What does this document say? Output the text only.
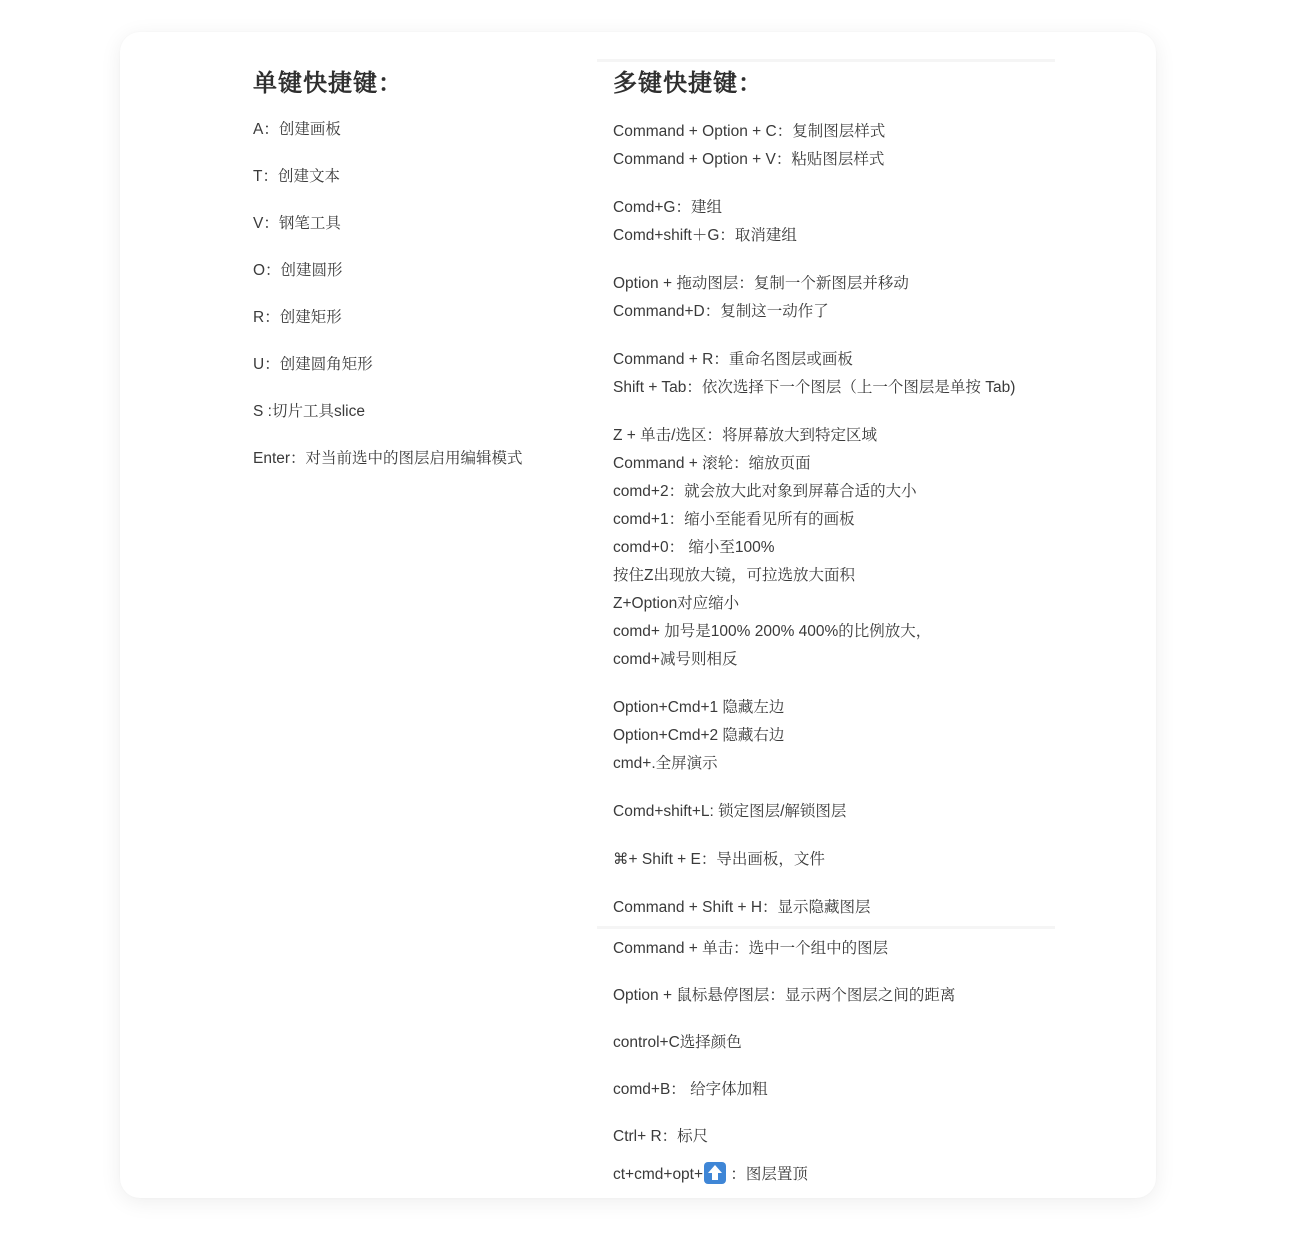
单键快捷键：
A：创建画板
T：创建文本
V：钢笔工具
O：创建圆形
R：创建矩形
U：创建圆角矩形
S :切片工具slice
Enter：对当前选中的图层启用编辑模式
多键快捷键：
Command + Option + C：复制图层样式
Command + Option + V：粘贴图层样式
Comd+G：建组
Comd+shift＋G：取消建组
Option + 拖动图层：复制一个新图层并移动
Command+D：复制这一动作了
Command + R：重命名图层或画板
Shift + Tab：依次选择下一个图层（上一个图层是单按 Tab)
Z + 单击/选区：将屏幕放大到特定区域
Command + 滚轮：缩放页面
comd+2：就会放大此对象到屏幕合适的大小
comd+1：缩小至能看见所有的画板
comd+0： 缩小至100%
按住Z出现放大镜，可拉选放大面积
Z+Option对应缩小
comd+ 加号是100% 200% 400%的比例放大，
comd+减号则相反
Option+Cmd+1 隐藏左边
Option+Cmd+2 隐藏右边
cmd+.全屏演示
Comd+shift+L: 锁定图层/解锁图层
⌘+ Shift + E：导出画板，文件
Command + Shift + H：显示隐藏图层
Command + 单击：选中一个组中的图层
Option + 鼠标悬停图层：显示两个图层之间的距离
control+C选择颜色
comd+B： 给字体加粗
Ctrl+ R：标尺
ct+cmd+opt+ ：图层置顶
